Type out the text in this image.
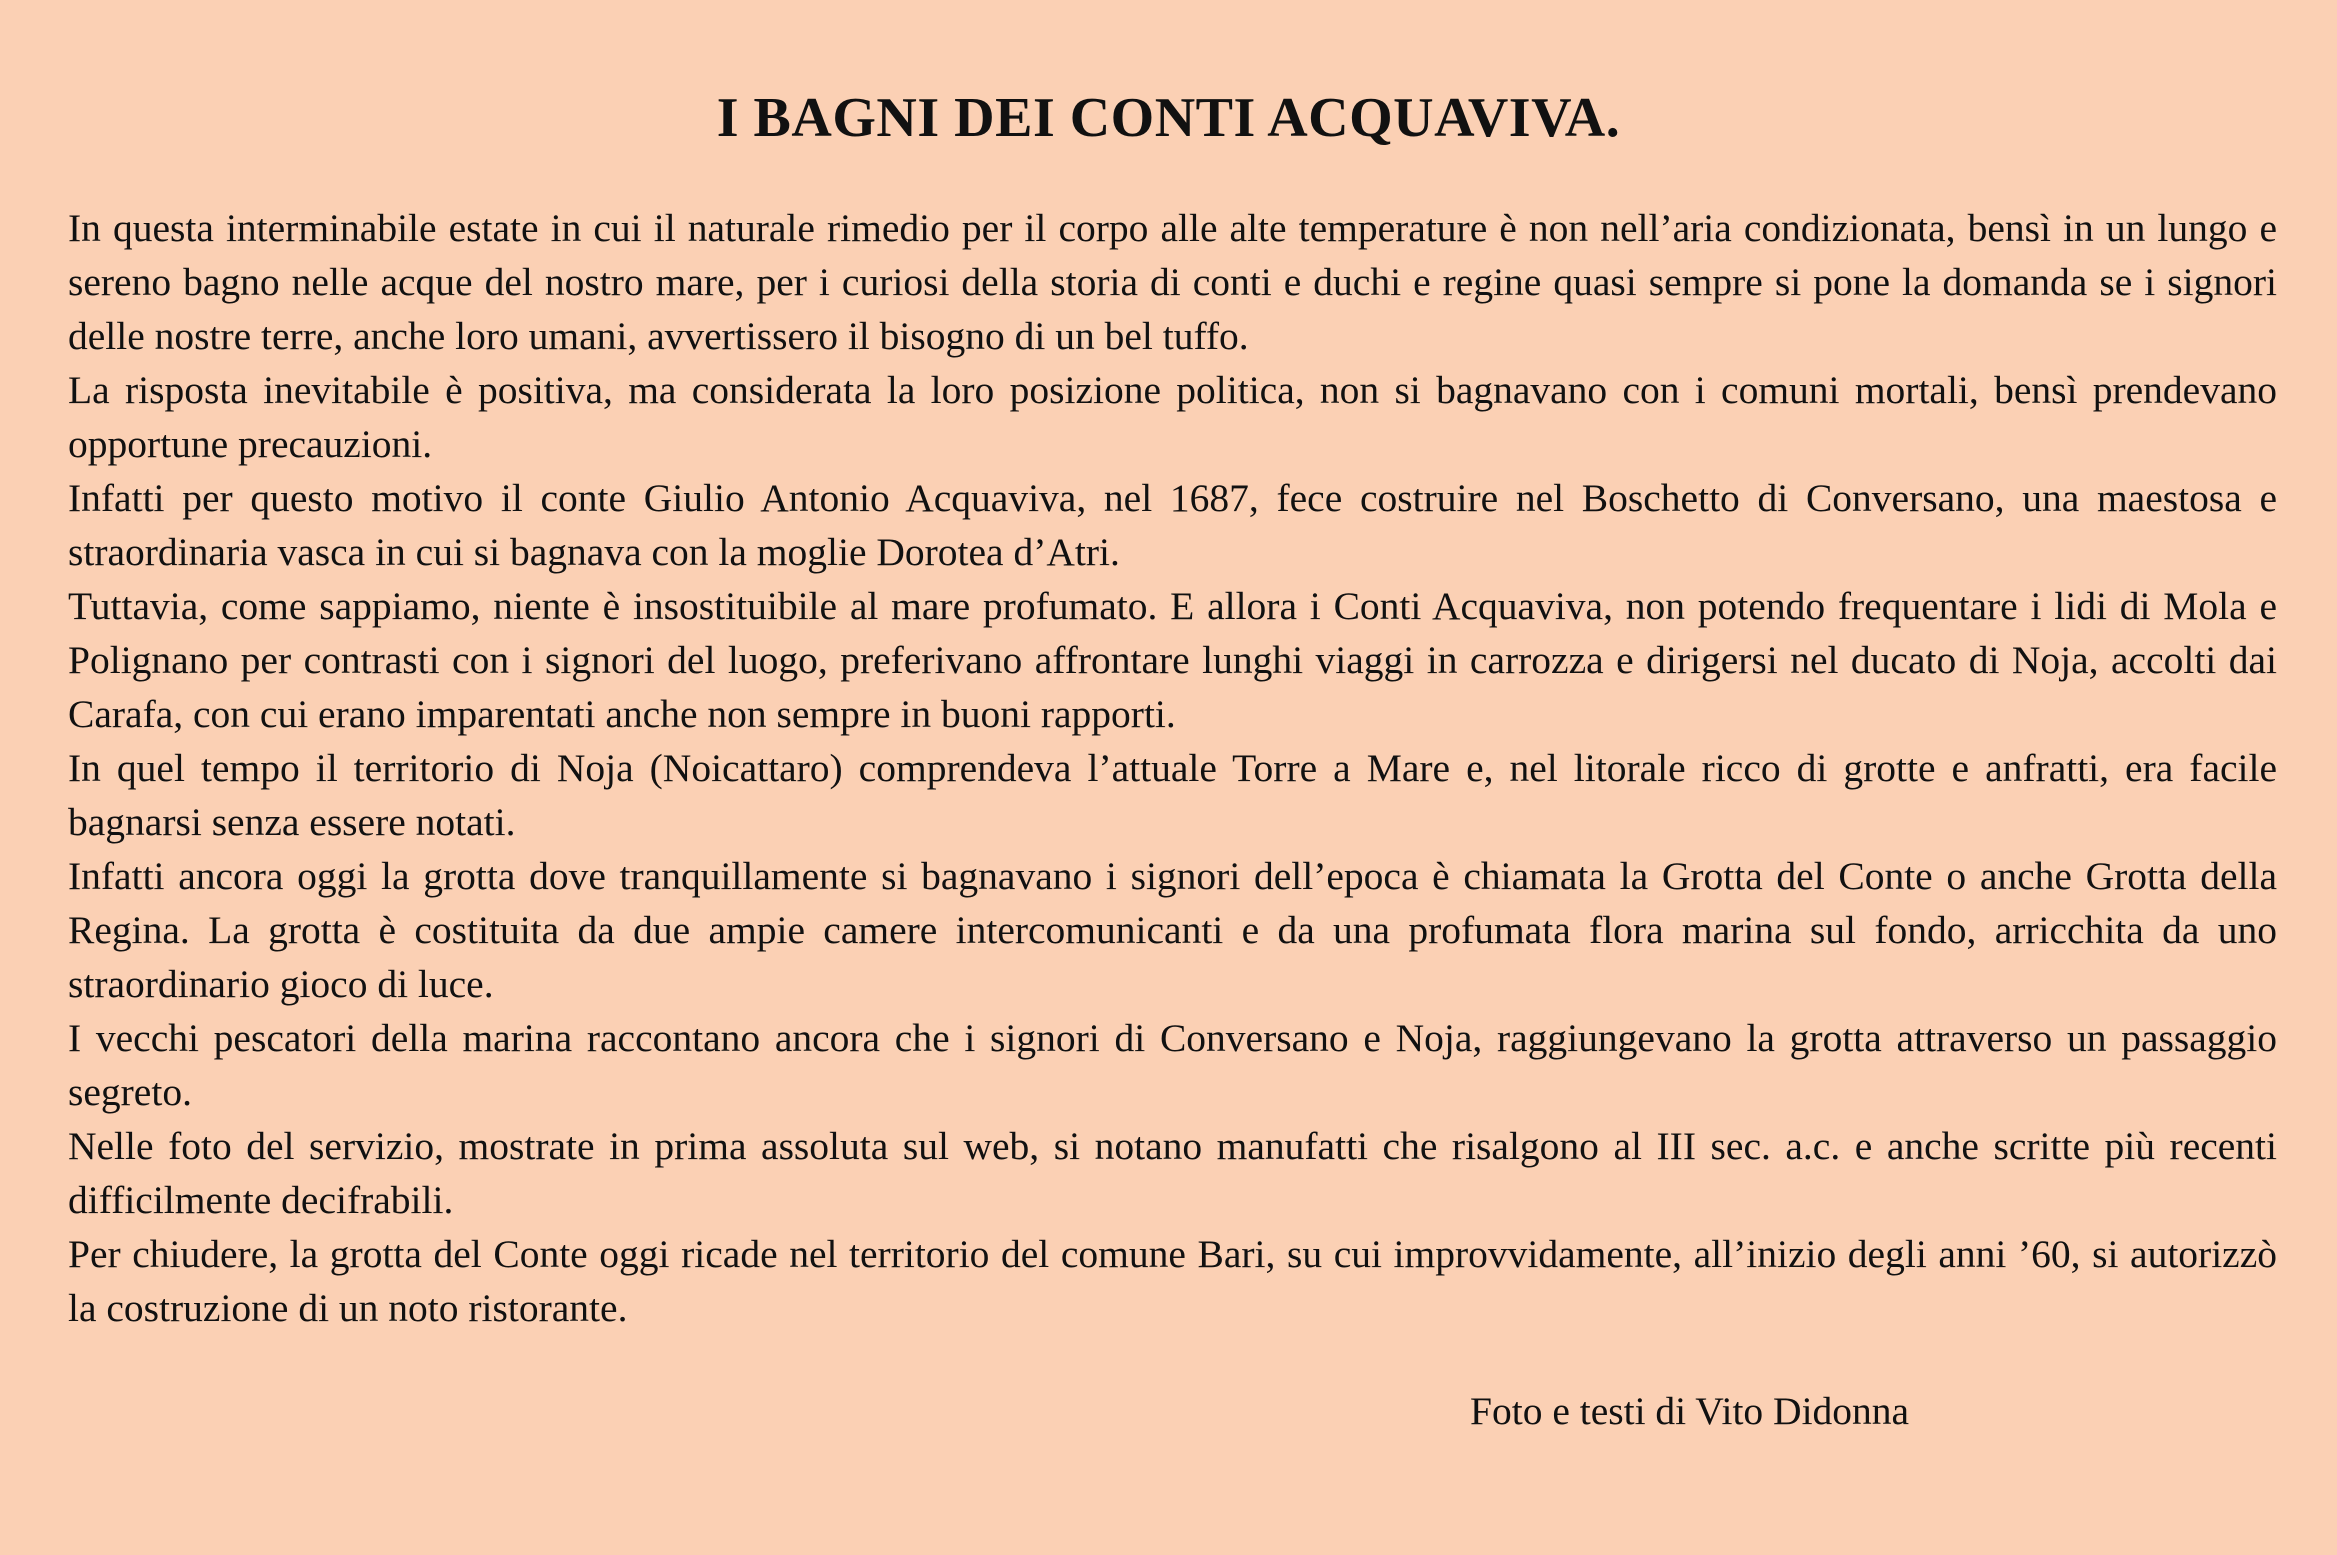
I BAGNI DEI CONTI ACQUAVIVA.

In questa interminabile estate in cui il naturale rimedio per il corpo alle alte temperature è non nell’aria condizionata, bensì in un lungo e sereno bagno nelle acque del nostro mare, per i curiosi della storia di conti e duchi e regine quasi sempre si pone la domanda se i signori delle nostre terre, anche loro umani, avvertissero il bisogno di un bel tuffo.

La risposta inevitabile è positiva, ma considerata la loro posizione politica, non si bagnavano con i comuni mortali, bensì prendevano opportune precauzioni.

Infatti per questo motivo il conte Giulio Antonio Acquaviva, nel 1687, fece costruire nel Boschetto di Conversano, una maestosa e straordinaria vasca in cui si bagnava con la moglie Dorotea d’Atri.

Tuttavia, come sappiamo, niente è insostituibile al mare profumato. E allora i Conti Acquaviva, non potendo frequentare i lidi di Mola e Polignano per contrasti con i signori del luogo, preferivano affrontare lunghi viaggi in carrozza e dirigersi nel ducato di Noja, accolti dai Carafa, con cui erano imparentati anche non sempre in buoni rapporti.

In quel tempo il territorio di Noja (Noicattaro) comprendeva l’attuale Torre a Mare e, nel litorale ricco di grotte e anfratti, era facile bagnarsi senza essere notati.

Infatti ancora oggi la grotta dove tranquillamente si bagnavano i signori dell’epoca è chiamata la Grotta del Conte o anche Grotta della Regina. La grotta è costituita da due ampie camere intercomunicanti e da una profumata flora marina sul fondo, arricchita da uno straordinario gioco di luce.

I vecchi pescatori della marina raccontano ancora che i signori di Conversano e Noja, raggiungevano la grotta attraverso un passaggio segreto.

Nelle foto del servizio, mostrate in prima assoluta sul web, si notano manufatti che risalgono al III sec. a.c. e anche scritte più recenti difficilmente decifrabili.

Per chiudere, la grotta del Conte oggi ricade nel territorio del comune Bari, su cui improvvidamente, all’inizio degli anni ’60, si autorizzò la costruzione di un noto ristorante.

Foto e testi di Vito Didonna
